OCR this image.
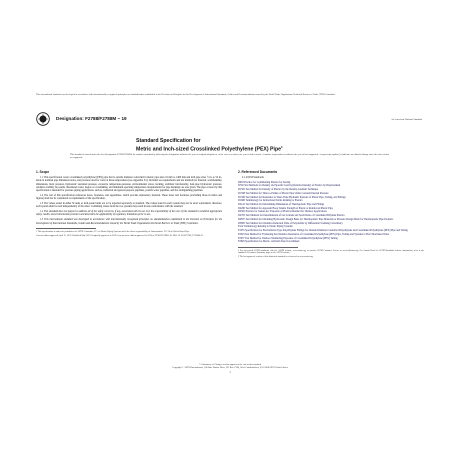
This international standard was developed in accordance with internationally recognized principles on standardization established in the Decision on Principles for the Development of International Standards, Guides and Recommendations issued by the World Trade Organization Technical Barriers to Trade (TBT) Committee.
Designation: F2788/F2788M − 19	An American National Standard
Standard Specification for
Metric and Inch-sized Crosslinked Polyethylene (PEX) Pipe$^1$
This standard is issued under the fixed designation F2788/F2788M; the number immediately following the designation indicates the year of original adoption or, in the case of revision, the year of last revision. A number in parentheses indicates the year of last reapproval. A superscript epsilon (ε) indicates an editorial change since the last revision or reapproval.
1. Scope
1.1 This specification covers crosslinked polyethylene (PEX) pipe that is outside diameter controlled in metric pipe sizes 16 mm to 1400 mm and inch pipe sizes ½ in. to 54 in., made in nominal pipe dimension ratios, and pressure rated for water at three temperatures (see Appendix X1). Included are requirements and test methods for material, workmanship, dimensions, burst pressure, hydrostatic sustained pressure, excessive temperature-pressure, environmental stress cracking, stabilizer functionality, bent-pipe hydrostatic pressure, oxidative stability in potable chlorinated water, degree of crosslinking, and minimum operating temperature. Requirements for pipe markings are also given. The pipe covered by this specification is intended for pressure piping applications, such as, industrial and general purpose pipelines, potable water pipelines, and fire extinguishing pipelines.
1.2 The text of this specification references notes, footnotes, and appendixes, which provide explanatory material. These notes and footnotes (excluding those in tables and figures) shall not be considered as requirements of the specification.
1.3 The values stated in either SI units or inch-pound units are to be regarded separately as standard. The values stated in each system may not be exact equivalents; therefore, each system shall be used independently of the other. Combining values from the two systems may result in non-conformance with the standard.
1.4 This standard does not purport to address all of the safety concerns, if any, associated with its use. It is the responsibility of the user of this standard to establish appropriate safety, health, and environmental practices and determine the applicability of regulatory limitations prior to use.
1.5 This international standard was developed in accordance with internationally recognized principles on standardization established in the Decision on Principles for the Development of International Standards, Guides and Recommendations issued by the World Trade Organization Technical Barriers to Trade (TBT) Committee.
1 This specification is under the jurisdiction of ASTM Committee F17 on Plastic Piping Systems and is the direct responsibility of Subcommittee F17.26 on Olefin Based Pipe.
Current edition approved April 15, 2019. Published May 2019. Originally approved in 2009. Last previous edition approved in 2018 as F2788/F2788M–18. DOI: 10.1520/F2788_F2788M-19.
2. Referenced Documents
2.1 ASTM Standards:
D618 Practice for Conditioning Plastics for Testing
D792 Test Methods for Density and Specific Gravity (Relative Density) of Plastics by Displacement
D1505 Test Method for Density of Plastics by the Density-Gradient Technique
D1598 Test Method for Time-to-Failure of Plastic Pipe Under Constant Internal Pressure
D1599 Test Method for Resistance to Short-Time Hydraulic Pressure of Plastic Pipe, Tubing, and Fittings
D1600 Terminology for Abbreviated Terms Relating to Plastics
D2122 Test Method for Determining Dimensions of Thermoplastic Pipe and Fittings
D2290 Test Method for Apparent Hoop Tensile Strength of Plastic or Reinforced Plastic Pipe
D2565 Practice for Xenon-Arc Exposure of Plastics Intended for Outdoor Applications
D2765 Test Methods for Determination of Gel Content and Swell Ratio of Crosslinked Ethylene Plastics
D2837 Test Method for Obtaining Hydrostatic Design Basis for Thermoplastic Pipe Materials or Pressure Design Basis for Thermoplastic Pipe Products
D3895 Test Method for Oxidative-Induction Time of Polyolefins by Differential Scanning Calorimetry
F412 Terminology Relating to Plastic Piping Systems
F1055 Specification for Electrofusion Type Polyethylene Fittings for Outside Diameter Controlled Polyethylene and Crosslinked Polyethylene (PEX) Pipe and Tubing
F2023 Test Method for Evaluating the Oxidative Resistance of Crosslinked Polyethylene (PEX) Pipe, Tubing and Systems to Hot Chlorinated Water
F2657 Test Method for Outdoor Weathering Exposure of Crosslinked Polyethylene (PEX) Tubing
F2829 Specification for Metric- and Inch-Sized Crosslinked
2 For referenced ASTM standards, visit the ASTM website, www.astm.org, or contact ASTM Customer Service at service@astm.org. For Annual Book of ASTM Standards volume information, refer to the standard's Document Summary page on the ASTM website.
3 The last approved version of this historical standard is referenced on www.astm.org.
*A Summary of Changes section appears at the end of this standard
Copyright © ASTM International, 100 Barr Harbor Drive, PO Box C700, West Conshohocken, PA 19428-2959. United States
1
